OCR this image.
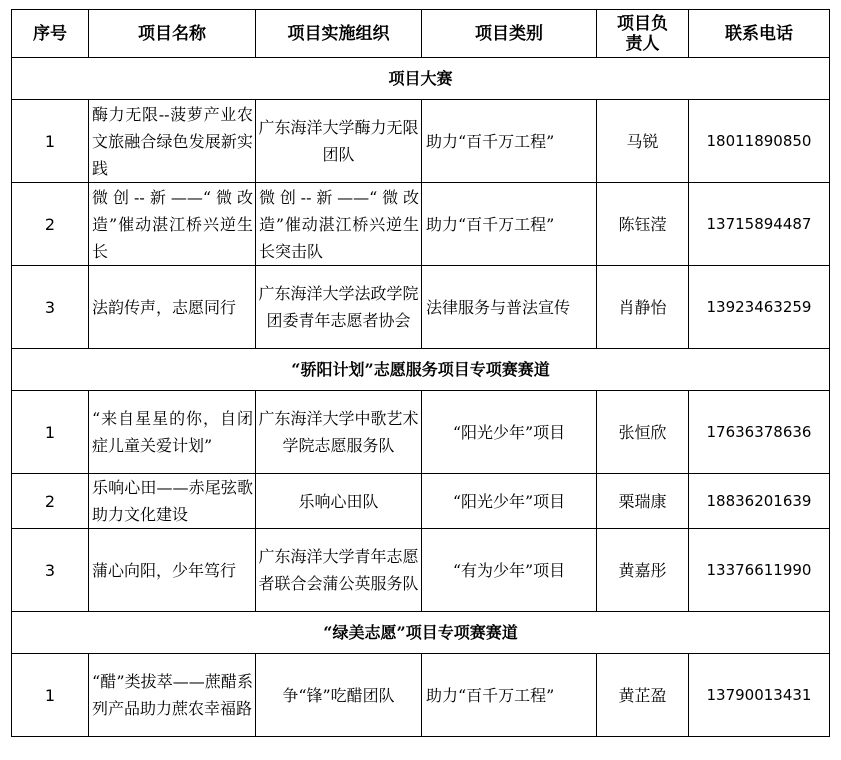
序号	项目名称	项目实施组织	项目类别	项目负责人	联系电话
项目大赛					
1	酶力无限--菠萝产业农文旅融合绿色发展新实践	广东海洋大学酶力无限团队	助力“百千万工程”	马锐	18011890850
2	微创--新——“微改造”催动湛江桥兴逆生长	微创--新——“微改造”催动湛江桥兴逆生长突击队	助力“百千万工程”	陈钰滢	13715894487
3	法韵传声，志愿同行	广东海洋大学法政学院团委青年志愿者协会	法律服务与普法宣传	肖静怡	13923463259
“骄阳计划”志愿服务项目专项赛赛道					
1	“来自星星的你，自闭症儿童关爱计划”	广东海洋大学中歌艺术学院志愿服务队	“阳光少年”项目	张恒欣	17636378636
2	乐响心田——赤尾弦歌助力文化建设	乐响心田队	“阳光少年”项目	栗瑞康	18836201639
3	蒲心向阳，少年笃行	广东海洋大学青年志愿者联合会蒲公英服务队	“有为少年”项目	黄嘉彤	13376611990
“绿美志愿”项目专项赛赛道					
1	“醋”类拔萃——蔗醋系列产品助力蔗农幸福路	争“锋”吃醋团队	助力“百千万工程”	黄芷盈	13790013431
